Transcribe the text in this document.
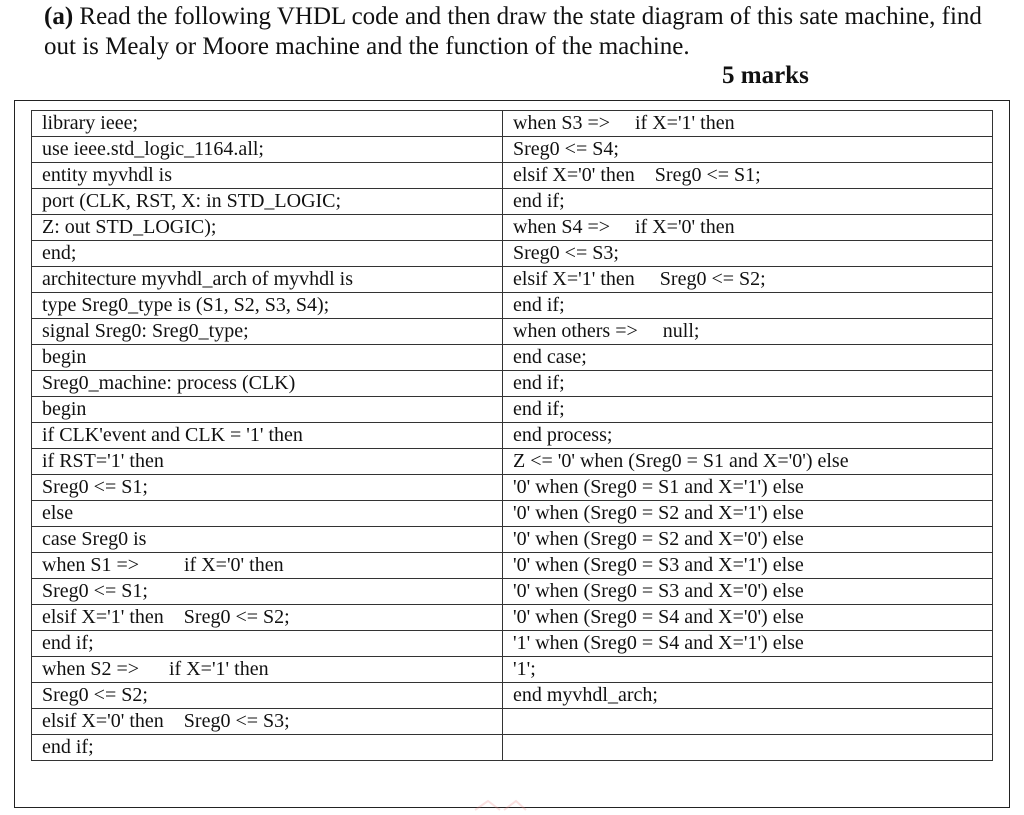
(a) Read the following VHDL code and then draw the state diagram of this sate machine, find out is Mealy or Moore machine and the function of the machine.
5 marks
library ieee;	when S3 =>     if X='1' then
use ieee.std_logic_1164.all;	Sreg0 <= S4;
entity myvhdl is	elsif X='0' then    Sreg0 <= S1;
port (CLK, RST, X: in STD_LOGIC;	end if;
Z: out STD_LOGIC);	when S4 =>     if X='0' then
end;	Sreg0 <= S3;
architecture myvhdl_arch of myvhdl is	elsif X='1' then     Sreg0 <= S2;
type Sreg0_type is (S1, S2, S3, S4);	end if;
signal Sreg0: Sreg0_type;	when others =>     null;
begin	end case;
Sreg0_machine: process (CLK)	end if;
begin	end if;
if CLK'event and CLK = '1' then	end process;
if RST='1' then	Z <= '0' when (Sreg0 = S1 and X='0') else
Sreg0 <= S1;	'0' when (Sreg0 = S1 and X='1') else
else	'0' when (Sreg0 = S2 and X='1') else
case Sreg0 is	'0' when (Sreg0 = S2 and X='0') else
when S1 =>         if X='0' then	'0' when (Sreg0 = S3 and X='1') else
Sreg0 <= S1;	'0' when (Sreg0 = S3 and X='0') else
elsif X='1' then    Sreg0 <= S2;	'0' when (Sreg0 = S4 and X='0') else
end if;	'1' when (Sreg0 = S4 and X='1') else
when S2 =>      if X='1' then	'1';
Sreg0 <= S2;	end myvhdl_arch;
elsif X='0' then    Sreg0 <= S3;	
end if;	
